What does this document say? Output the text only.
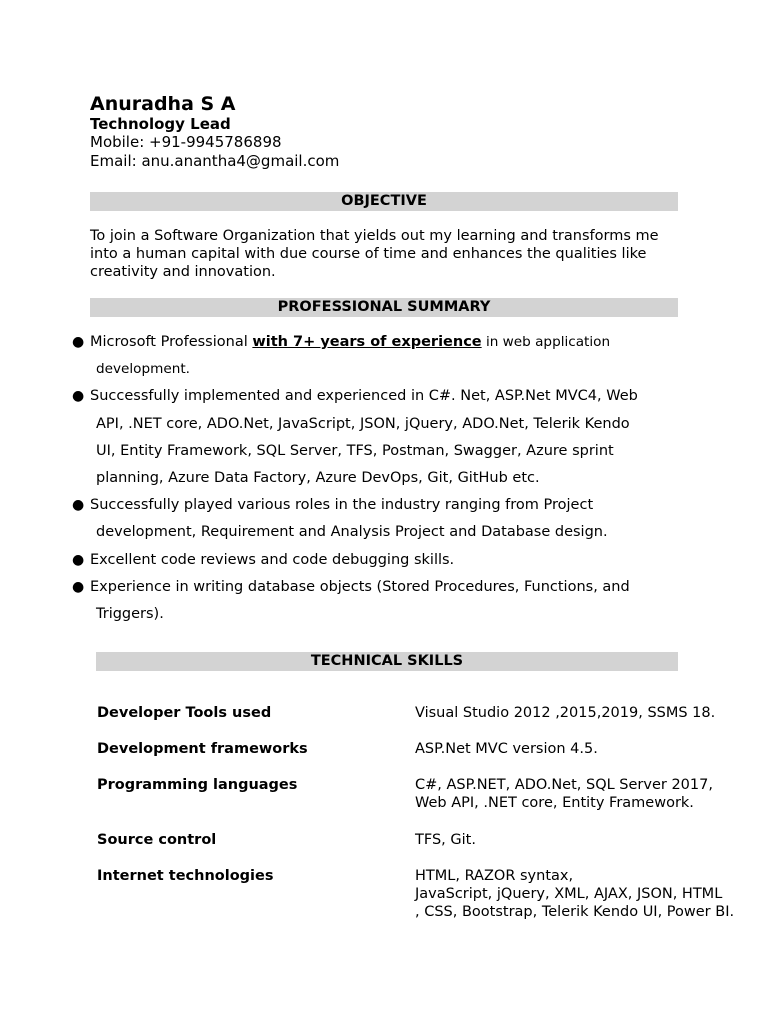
Anuradha S A
Technology Lead
Mobile: +91-9945786898
Email: anu.anantha4@gmail.com
OBJECTIVE
To join a Software Organization that yields out my learning and transforms me into a human capital with due course of time and enhances the qualities like creativity and innovation.
PROFESSIONAL SUMMARY
● Microsoft Professional with 7+ years of experience in web application
development.
● Successfully implemented and experienced in C#. Net, ASP.Net MVC4, Web
API, .NET core, ADO.Net, JavaScript, JSON, jQuery, ADO.Net, Telerik Kendo
UI, Entity Framework, SQL Server, TFS, Postman, Swagger, Azure sprint
planning, Azure Data Factory, Azure DevOps, Git, GitHub etc.
● Successfully played various roles in the industry ranging from Project
development, Requirement and Analysis Project and Database design.
● Excellent code reviews and code debugging skills.
● Experience in writing database objects (Stored Procedures, Functions, and
Triggers).
TECHNICAL SKILLS
Developer Tools used	Visual Studio 2012 ,2015,2019, SSMS 18.
Development frameworks	ASP.Net MVC version 4.5.
Programming languages	C#, ASP.NET, ADO.Net, SQL Server 2017,
Web API, .NET core, Entity Framework.
Source control	TFS, Git.
Internet technologies	HTML, RAZOR syntax,
JavaScript, jQuery, XML, AJAX, JSON, HTML
, CSS, Bootstrap, Telerik Kendo UI, Power BI.
